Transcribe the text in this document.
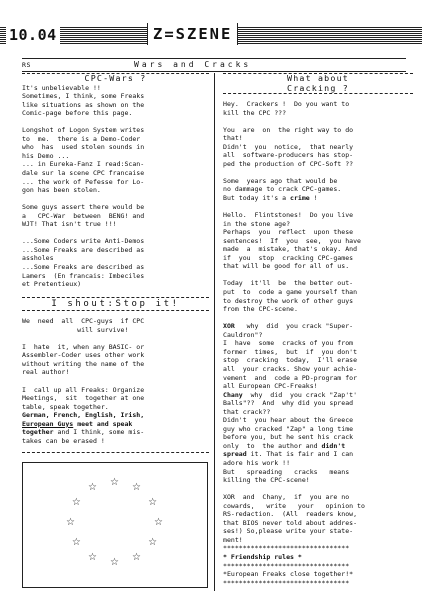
10.04	Z=SZENE
RS	Wars and Cracks
CPC-Wars ?

It's unbelievable !!
Sometimes, I think, some Freaks
like situations as shown on the
Comic-page before this page.

Longshot of Logon System writes
to  me.  there is a Demo-Coder
who  has  used stolen sounds in
his Demo ...
... in Eureka-Fanz I read:Scan-
dale sur la scene CPC francaise
... the work of Pefesse for Lo-
gon has been stolen.

Some guys assert there would be
a   CPC-War  between  BENG! and
WJT! That isn't true !!!

...Some Coders write Anti-Demos
...Some Freaks are described as
assholes
...Some Freaks are described as
Lamers  (En francais: Imbeciles
et Pretentieux)

I shout:Stop it!

We  need  all  CPC-guys  if CPC
will survive!

I  hate  it, when any BASIC- or
Assembler-Coder uses other work
without writing the name of the
real author!

I  call up all Freaks: Organize
Meetings,  sit  together at one
table, speak together.
German, French, English, Irish,
European Guys meet and speak
together and I think, some mis-
takes can be erased !

☆ ☆
☆
☆
☆
☆
☆
☆
☆
☆
☆
☆
What about
Cracking ?

Hey.  Crackers !  Do you want to
kill the CPC ???

You  are  on  the right way to do
that!
Didn't  you  notice,  that nearly
all  software-producers has stop-
ped the production of CPC-Soft ??

Some  years ago that would be
no dammage to crack CPC-games.
But today it's a crime !

Hello.  Flintstones!  Do you live
in the stone age?
Perhaps  you  reflect  upon these
sentences!  If  you  see,  you have
made  a  mistake, that's okay. And
if  you  stop  cracking CPC-games
that will be good for all of us.

Today  it'll  be  the better out-
put  to  code a game yourself than
to destroy the work of other guys
from the CPC-scene.

XOR   why  did  you crack "Super-
Cauldron"?
I  have  some  cracks of you from
former  times,  but  if  you don't
stop  cracking  today,  I'll erase
all  your cracks. Show your achie-
vement  and  code a PD-program for
all European CPC-Freaks!
Chany  why  did  you crack "Zap't'
Balls"??  And  why did you spread
that crack??
Didn't  you hear about the Greece
guy who cracked "Zap" a long time
before you, but he sent his crack
only  to  the author and didn't
spread it. That is fair and I can
adore his work !!
But   spreading   cracks   means
killing the CPC-scene!

XOR  and  Chany,  if  you are no
cowards,   write   your   opinion to
RS-redaction.  (All  readers know,
that BIOS never told about addres-
ses!) So,please write your state-
ment!
********************************
* Friendship rules *
********************************
*European Freaks close together!*
********************************
